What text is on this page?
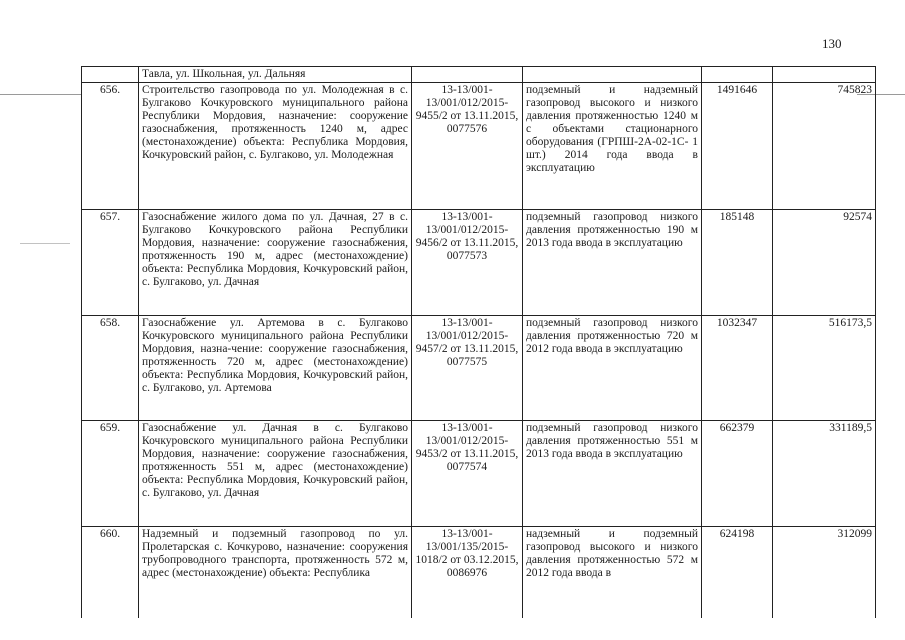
130
	Тавла, ул. Школьная, ул. Дальняя				
656.	Строительство газопровода по ул. Молодежная в с. Булгаково Кочкуровского муниципального района Республики Мордовия, назначение: сооружение газоснабжения, протяженность 1240 м, адрес (местонахождение) объекта: Республика Мордовия, Кочкуровский район, с. Булгаково, ул. Молодежная	13-13/001-13/001/012/2015-9455/2 от 13.11.2015, 0077576	подземный и надземный газопровод высокого и низкого давления протяженностью 1240 м с объектами стационарного оборудования (ГРПШ-2А-02-1С- 1 шт.) 2014 года ввода в эксплуатацию	1491646	745823
657.	Газоснабжение жилого дома по ул. Дачная, 27 в с. Булгаково Кочкуровского района Республики Мордовия, назначение: сооружение газоснабжения, протяженность 190 м, адрес (местонахождение) объекта: Республика Мордовия, Кочкуровский район, с. Булгаково, ул. Дачная	13-13/001-13/001/012/2015-9456/2 от 13.11.2015, 0077573	подземный газопровод низкого давления протяженностью 190 м 2013 года ввода в эксплуатацию	185148	92574
658.	Газоснабжение ул. Артемова в с. Булгаково Кочкуровского муниципального района Республики Мордовия, назна-чение: сооружение газоснабжения, протяженность 720 м, адрес (местонахождение) объекта: Республика Мордовия, Кочкуровский район, с. Булгаково, ул. Артемова	13-13/001-13/001/012/2015-9457/2 от 13.11.2015, 0077575	подземный газопровод низкого давления протяженностью 720 м 2012 года ввода в эксплуатацию	1032347	516173,5
659.	Газоснабжение ул. Дачная в с. Булгаково Кочкуровского муниципального района Республики Мордовия, назначение: сооружение газоснабжения, протяженность 551 м, адрес (местонахождение) объекта: Республика Мордовия, Кочкуровский район, с. Булгаково, ул. Дачная	13-13/001-13/001/012/2015-9453/2 от 13.11.2015, 0077574	подземный газопровод низкого давления протяженностью 551 м 2013 года ввода в эксплуатацию	662379	331189,5
660.	Надземный и подземный газопровод по ул. Пролетарская с. Кочкурово, назначение: сооружения трубопроводного транспорта, протяженность 572 м, адрес (местонахождение) объекта: Республика	13-13/001-13/001/135/2015-1018/2 от 03.12.2015, 0086976	надземный и подземный газопровод высокого и низкого давления протяженностью 572 м 2012 года ввода в	624198	312099
